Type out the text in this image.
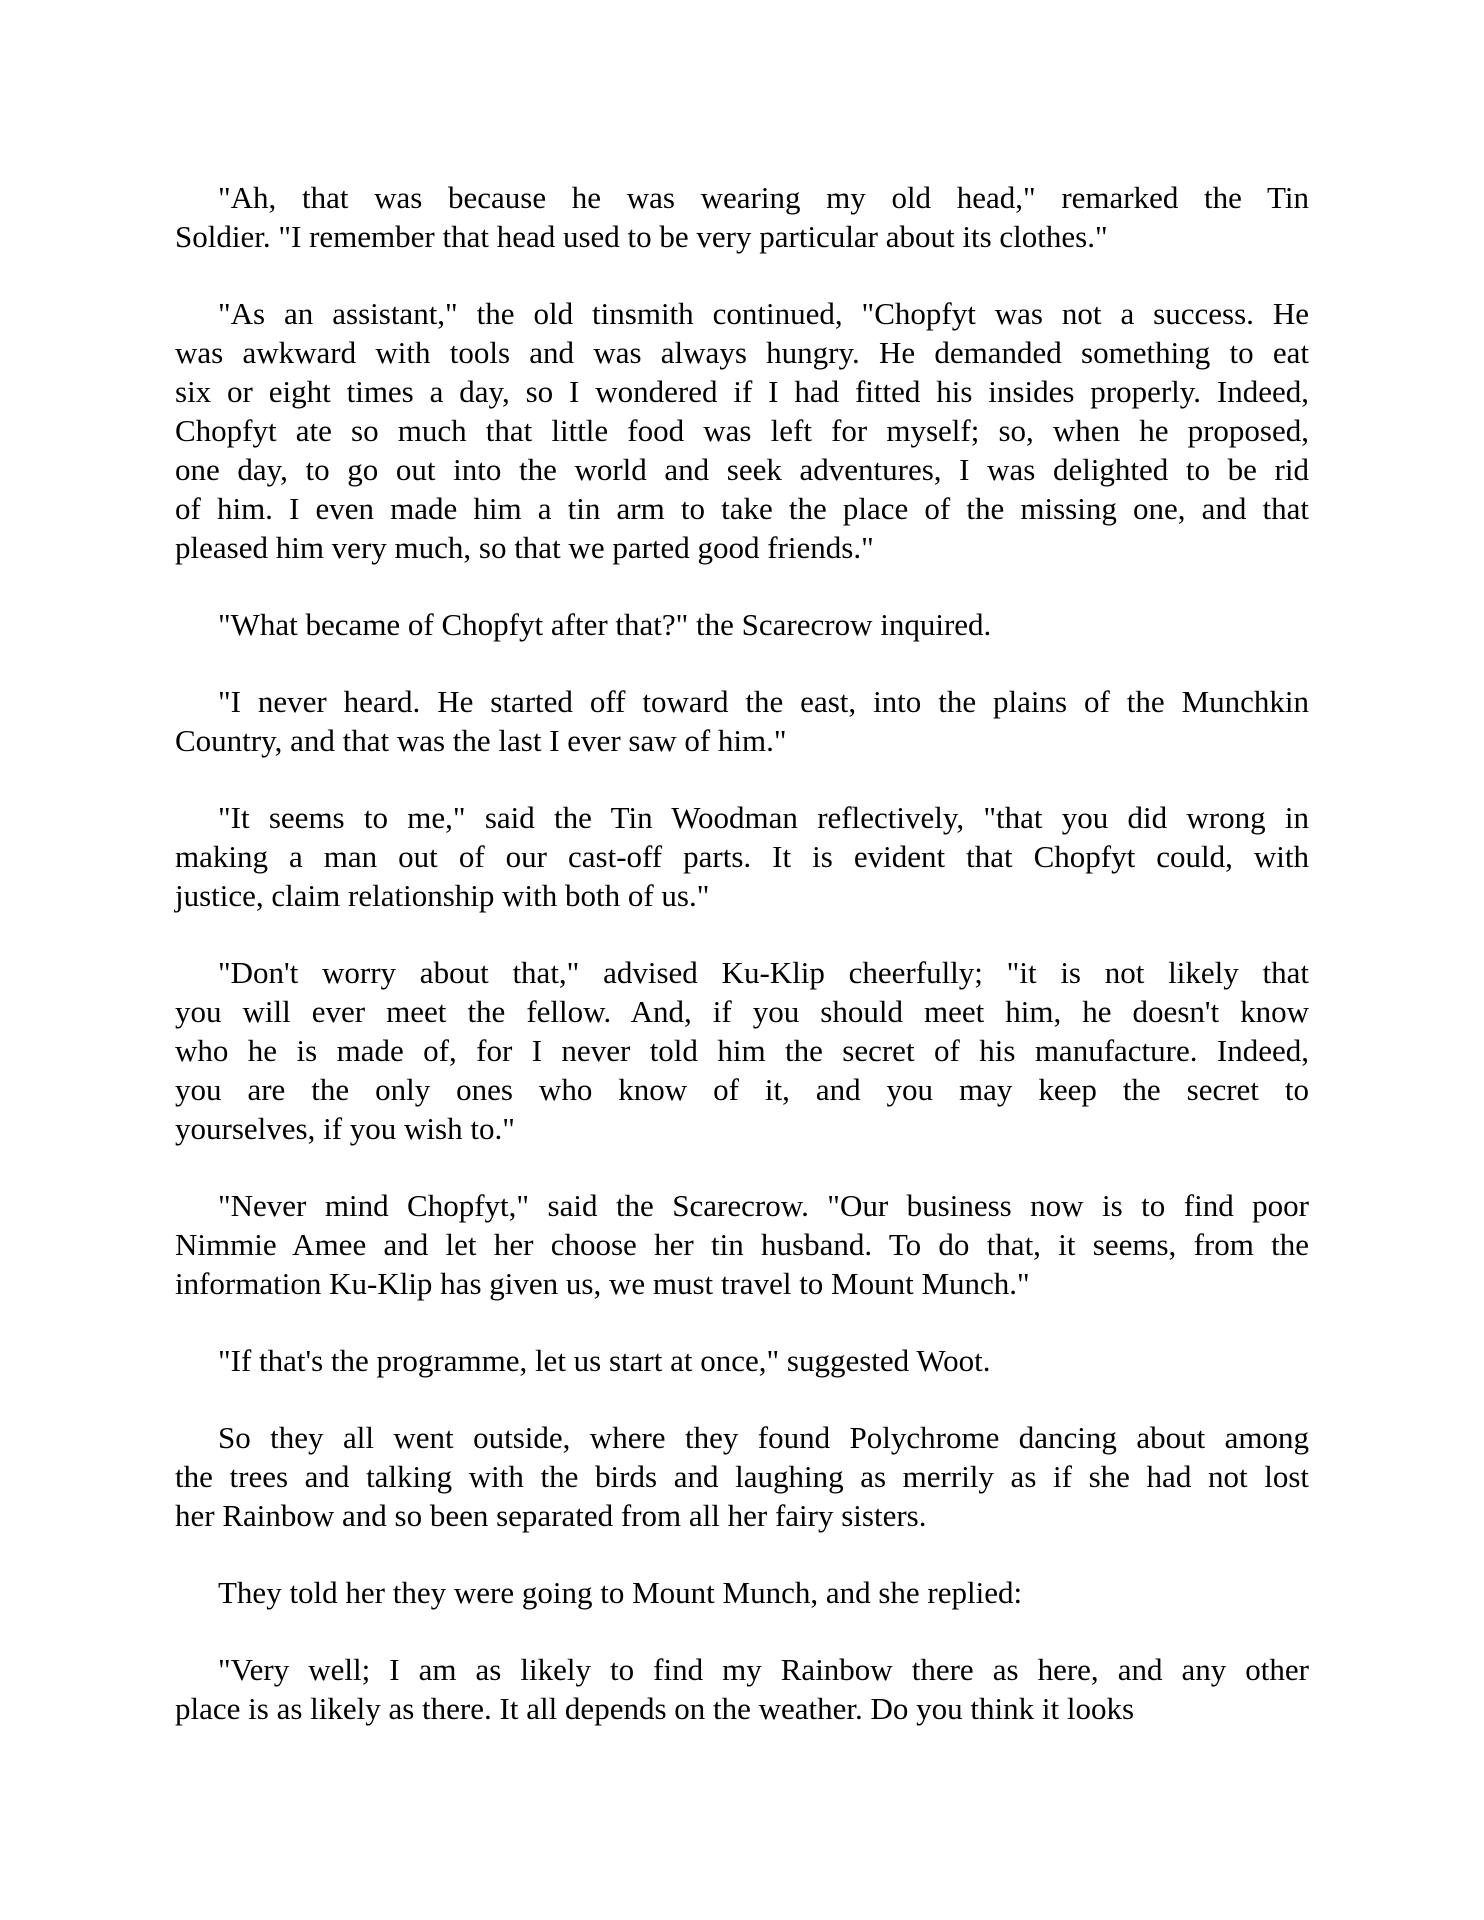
"Ah, that was because he was wearing my old head," remarked the Tin
Soldier. "I remember that head used to be very particular about its clothes."

"As an assistant," the old tinsmith continued, "Chopfyt was not a success. He
was awkward with tools and was always hungry. He demanded something to eat
six or eight times a day, so I wondered if I had fitted his insides properly. Indeed,
Chopfyt ate so much that little food was left for myself; so, when he proposed,
one day, to go out into the world and seek adventures, I was delighted to be rid
of him. I even made him a tin arm to take the place of the missing one, and that
pleased him very much, so that we parted good friends."

"What became of Chopfyt after that?" the Scarecrow inquired.

"I never heard. He started off toward the east, into the plains of the Munchkin
Country, and that was the last I ever saw of him."

"It seems to me," said the Tin Woodman reflectively, "that you did wrong in
making a man out of our cast-off parts. It is evident that Chopfyt could, with
justice, claim relationship with both of us."

"Don't worry about that," advised Ku-Klip cheerfully; "it is not likely that
you will ever meet the fellow. And, if you should meet him, he doesn't know
who he is made of, for I never told him the secret of his manufacture. Indeed,
you are the only ones who know of it, and you may keep the secret to
yourselves, if you wish to."

"Never mind Chopfyt," said the Scarecrow. "Our business now is to find poor
Nimmie Amee and let her choose her tin husband. To do that, it seems, from the
information Ku-Klip has given us, we must travel to Mount Munch."

"If that's the programme, let us start at once," suggested Woot.

So they all went outside, where they found Polychrome dancing about among
the trees and talking with the birds and laughing as merrily as if she had not lost
her Rainbow and so been separated from all her fairy sisters.

They told her they were going to Mount Munch, and she replied:

"Very well; I am as likely to find my Rainbow there as here, and any other
place is as likely as there. It all depends on the weather. Do you think it looks
